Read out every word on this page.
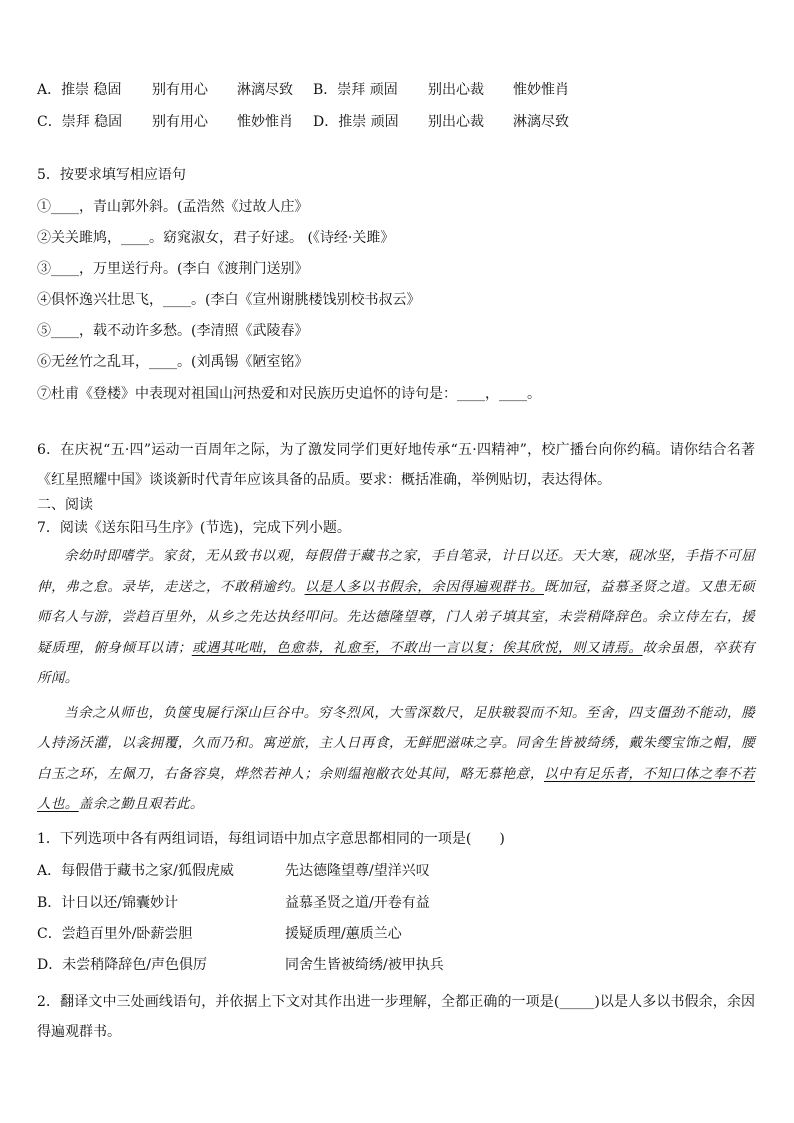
A．推崇 稳固 别有用心 淋漓尽致 B．崇拜 顽固 别出心裁 惟妙惟肖
C．崇拜 稳固 别有用心 惟妙惟肖 D．推崇 顽固 别出心裁 淋漓尽致
5．按要求填写相应语句
①____，青山郭外斜。(孟浩然《过故人庄》
②关关雎鸠，____。窈窕淑女，君子好逑。 (《诗经·关雎》
③____，万里送行舟。(李白《渡荆门送别》
④俱怀逸兴壮思飞，____。(李白《宣州谢朓楼饯别校书叔云》
⑤____，载不动许多愁。(李清照《武陵春》
⑥无丝竹之乱耳，____。(刘禹锡《陋室铭》
⑦杜甫《登楼》中表现对祖国山河热爱和对民族历史追怀的诗句是：____，____。
6．在庆祝“五·四”运动一百周年之际，为了激发同学们更好地传承“五·四精神”，校广播台向你约稿。请你结合名著《红星照耀中国》谈谈新时代青年应该具备的品质。要求：概括准确，举例贴切，表达得体。
二、阅读
7．阅读《送东阳马生序》(节选)，完成下列小题。

余幼时即嗜学。家贫，无从致书以观，每假借于藏书之家，手自笔录，计日以还。天大寒，砚冰坚，手指不可屈伸，弗之怠。录毕，走送之，不敢稍逾约。以是人多以书假余，余因得遍观群书。既加冠，益慕圣贤之道。又患无硕师名人与游，尝趋百里外，从乡之先达执经叩问。先达德隆望尊，门人弟子填其室，未尝稍降辞色。余立侍左右，援疑质理，俯身倾耳以请；或遇其叱咄，色愈恭，礼愈至，不敢出一言以复；俟其欣悦，则又请焉。故余虽愚，卒获有所闻。

当余之从师也，负箧曳屣行深山巨谷中。穷冬烈风，大雪深数尺，足肤皲裂而不知。至舍，四支僵劲不能动，媵人持汤沃灌，以衾拥覆，久而乃和。寓逆旅，主人日再食，无鲜肥滋味之享。同舍生皆被绮绣，戴朱缨宝饰之帽，腰白玉之环，左佩刀，右备容臭，烨然若神人；余则缊袍敝衣处其间，略无慕艳意，以中有足乐者，不知口体之奉不若人也。盖余之勤且艰若此。

1．下列选项中各有两组词语，每组词语中加点字意思都相同的一项是(　　)
A．每假借于藏书之家/狐假虎威	先达德隆望尊/望洋兴叹
B．计日以还/锦囊妙计	益慕圣贤之道/开卷有益
C．尝趋百里外/卧薪尝胆	援疑质理/蕙质兰心
D．未尝稍降辞色/声色俱厉	同舍生皆被绮绣/被甲执兵
2．翻译文中三处画线语句，并依据上下文对其作出进一步理解，全都正确的一项是(_____)以是人多以书假余，余因得遍观群书。
